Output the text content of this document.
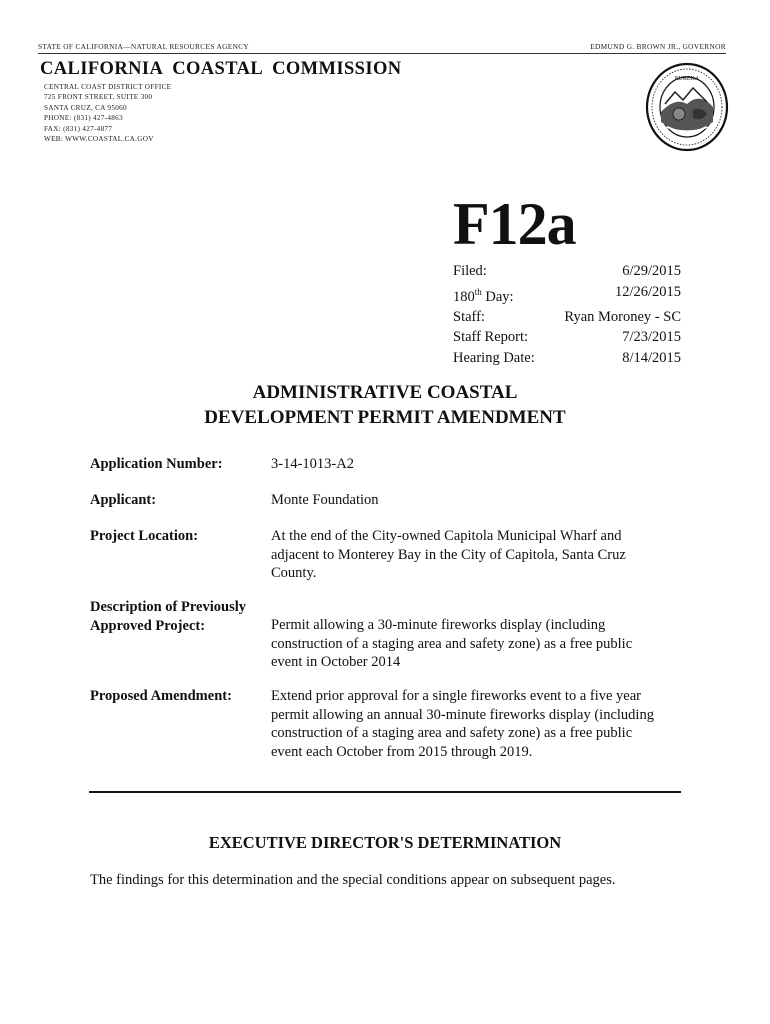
STATE OF CALIFORNIA—NATURAL RESOURCES AGENCY	EDMUND G. BROWN JR., GOVERNOR
CALIFORNIA COASTAL COMMISSION
CENTRAL COAST DISTRICT OFFICE
725 FRONT STREET, SUITE 300
SANTA CRUZ, CA 95060
PHONE: (831) 427-4863
FAX: (831) 427-4877
WEB: WWW.COASTAL.CA.GOV
EUREKA
F12a
Filed:	6/29/2015
180th Day:	12/26/2015
Staff:	Ryan Moroney - SC
Staff Report:	7/23/2015
Hearing Date:	8/14/2015
ADMINISTRATIVE COASTAL
DEVELOPMENT PERMIT AMENDMENT
Application Number:	3-14-1013-A2
Applicant:	Monte Foundation
Project Location:	At the end of the City-owned Capitola Municipal Wharf and adjacent to Monterey Bay in the City of Capitola, Santa Cruz County.
Description of Previously Approved Project:	Permit allowing a 30-minute fireworks display (including construction of a staging area and safety zone) as a free public event in October 2014
Proposed Amendment:	Extend prior approval for a single fireworks event to a five year permit allowing an annual 30-minute fireworks display (including construction of a staging area and safety zone) as a free public event each October from 2015 through 2019.
EXECUTIVE DIRECTOR'S DETERMINATION
The findings for this determination and the special conditions appear on subsequent pages.
